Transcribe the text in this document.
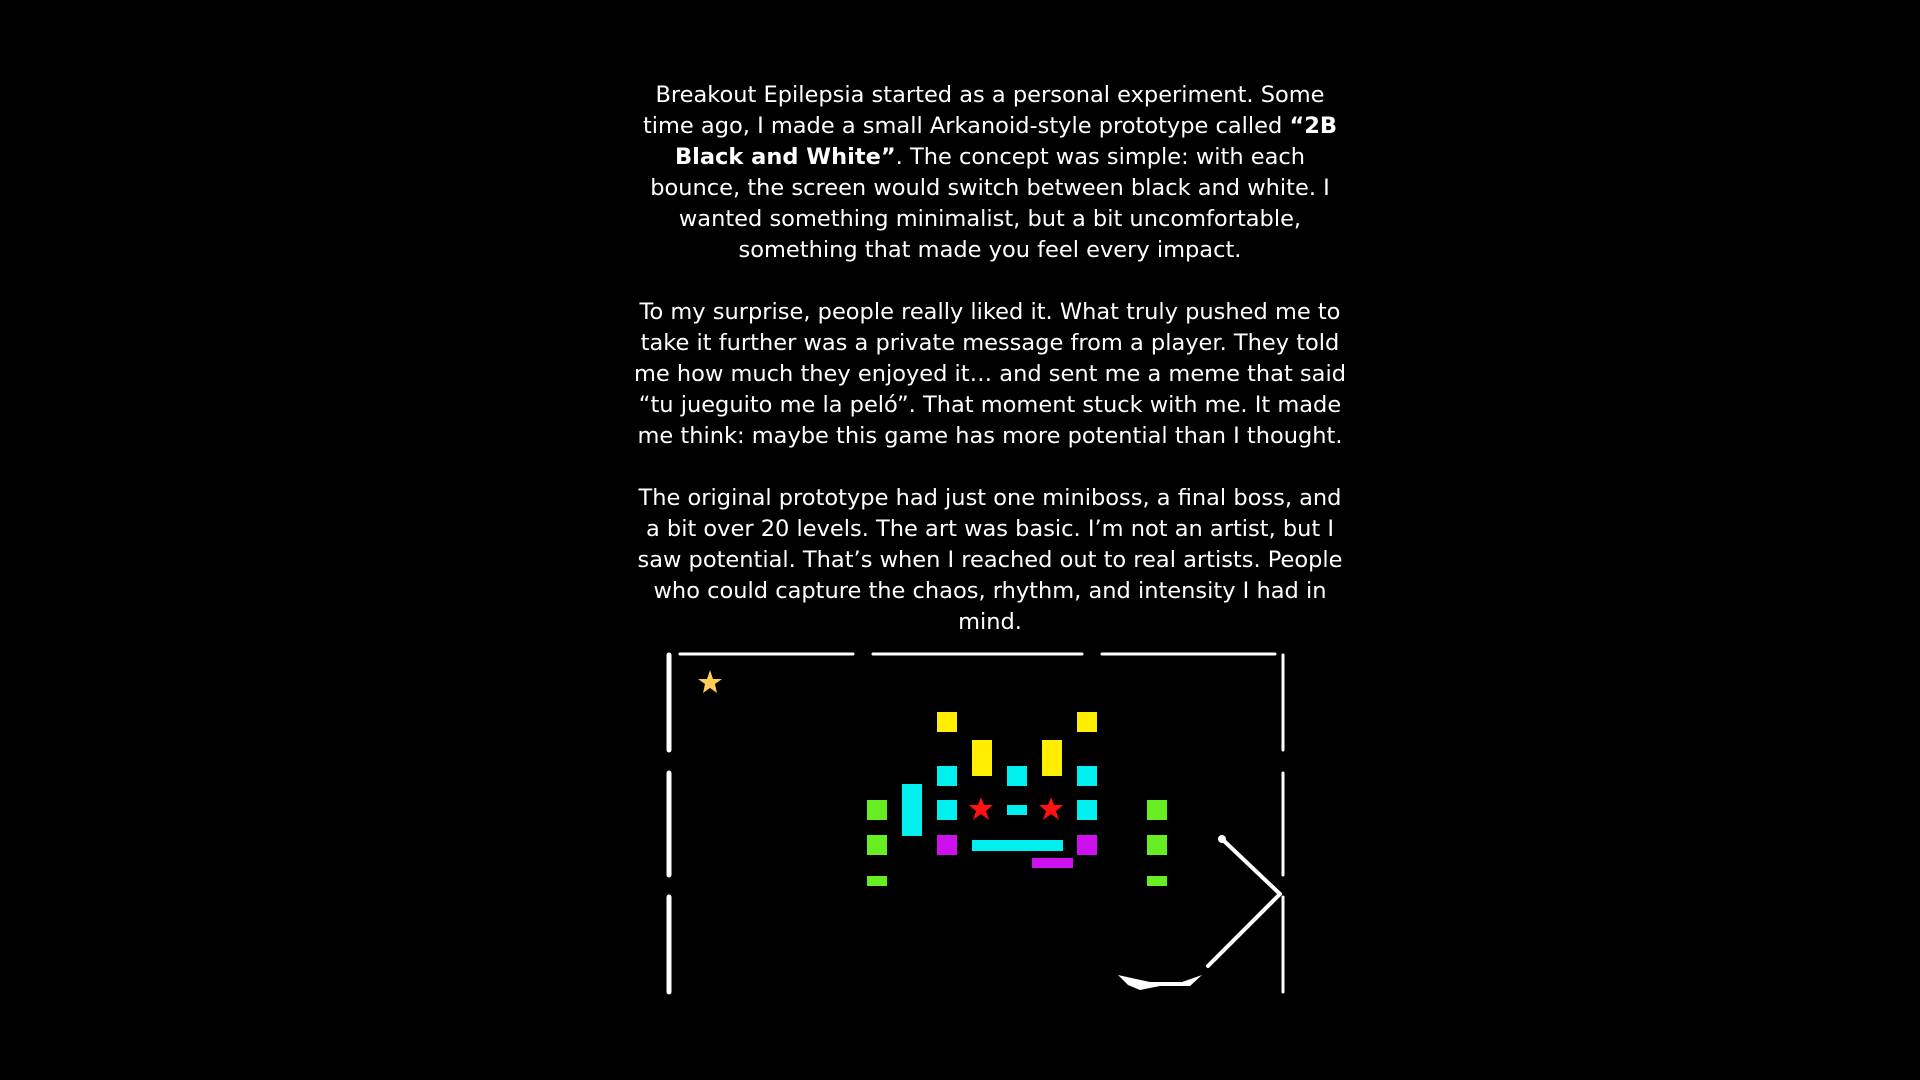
Breakout Epilepsia started as a personal experiment. Some time ago, I made a small Arkanoid-style prototype called “2B Black and White”. The concept was simple: with each bounce, the screen would switch between black and white. I wanted something minimalist, but a bit uncomfortable, something that made you feel every impact.

To my surprise, people really liked it. What truly pushed me to take it further was a private message from a player. They told me how much they enjoyed it… and sent me a meme that said “tu jueguito me la peló”. That moment stuck with me. It made me think: maybe this game has more potential than I thought.

The original prototype had just one miniboss, a final boss, and a bit over 20 levels. The art was basic. I’m not an artist, but I saw potential. That’s when I reached out to real artists. People who could capture the chaos, rhythm, and intensity I had in mind.
